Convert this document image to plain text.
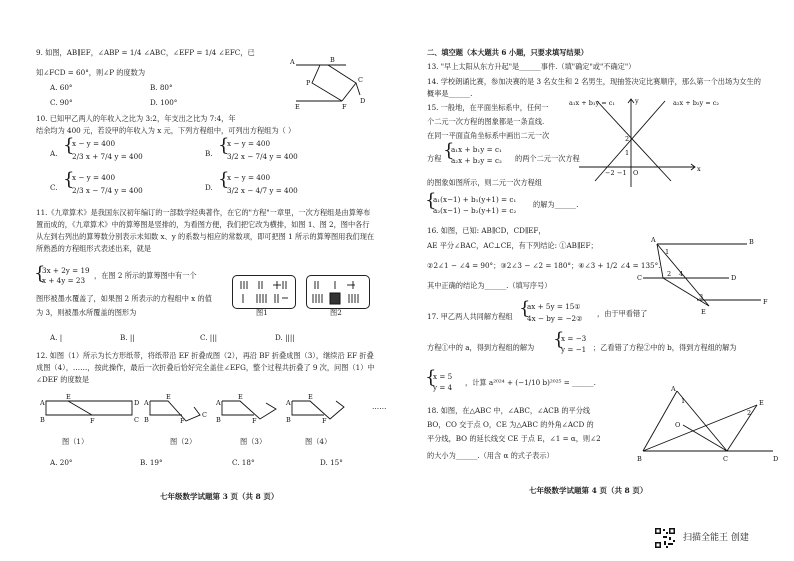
9. 如图，AB∥EF，∠ABP = 1/4 ∠ABC，∠EFP = 1/4 ∠EFC，已
知∠FCD = 60°，则∠P 的度数为
A. 60°	B. 80°
C. 90°	D. 100°
A	B
P	C
D
E	F
10. 已知甲乙两人的年收入之比为 3:2，年支出之比为 7:4，年
结余均为 400 元，若设甲的年收入为 x 元，下列方程组中，可列出方程组为（ ）
A. {
x − y = 400
2/3 x + 7/4 y = 400	B. {
x − y = 400
3/2 x − 7/4 y = 400
C. {
x − y = 400
2/3 x − 7/4 y = 400	D. {
x − y = 400
3/2 x − 4/7 y = 400
11.《九章算术》是我国东汉初年编订的一部数学经典著作，在它的"方程"一章里，一次方程组是由算筹布置而成的，《九章算术》中的算筹图是竖排的，为看图方便，我们把它改为横排，如图 1、图 2，图中各行从左到右列出的算筹数分别表示未知数 x、y 的系数与相应的常数项，即可把图 1 所示的算筹图用我们现在所熟悉的方程组形式表述出来，就是
{
3x + 2y = 19
x + 4y = 23
，在图 2 所示的算筹图中有一个
图形被墨水覆盖了，如果图 2 所表示的方程组中 x 的值为 3，则被墨水所覆盖的图形为
A. |	B. ||	C. |||	D. ||||
图1	图2
12. 如图（1）所示为长方形纸带，将纸带沿 EF 折叠成图（2），再沿 BF 折叠成图（3），继续沿 EF 折叠成图（4），……，按此操作，最后一次折叠后恰好完全盖住∠EFG，整个过程共折叠了 9 次，问图（1）中∠DEF 的度数是
A
E
D
B	F	C
A
E
B	F
C
A
E
B	F
A
E
B	F
……
图（1）	图（2）	图（3）	图（4）
A. 20°	B. 19°	C. 18°	D. 15°
七年级数学试题第 3 页（共 8 页）
二、填空题（本大题共 6 小题，只要求填写结果）
13. "早上太阳从东方升起"是______事件.（填"确定"或"不确定"）
14. 学校朗诵比赛，参加决赛的是 3 名女生和 2 名男生，现抽签决定比赛顺序，那么第一个出场为女生的概率是______.
15. 一般地，在平面坐标系中，任何一
个二元一次方程的图象都是一条直线.
在同一平面直角坐标系中画出二元一次
方程 {
a₁x + b₁y = c₁
a₂x + b₂y = c₂ 的两个二元一次方程
的图象如图所示，则二元一次方程组
{
a₁(x−1) + b₁(y+1) = c₁
a₂(x−1) − b₂(y+1) = c₂
的解为______.
a₁x + b₁y = c₁	a₂x + b₂y = c₂
2
1
O	x
y
−2 −1
16. 如图，已知: AB∥CD，CD∥EF，
AE 平分∠BAC，AC⊥CE，有下列结论: ①AB∥EF；
②2∠1 − ∠4 = 90°；③2∠3 − ∠2 = 180°；④∠3 + 1/2 ∠4 = 135°.
其中正确的结论为______.（填写序号）
A	B
C	D
E
F
1
2
3
4
17. 甲乙两人共同解方程组 {
ax + 5y = 15①
4x − by = −2②
，由于甲看错了
方程①中的 a，得到方程组的解为 {
x = −3
y = −1 ；乙看错了方程②中的 b，得到方程组的解为
{
x = 5
y = 4
，计算 a²⁰²⁴ + (−1/10 b)²⁰²⁵ = ______.
18. 如图，在△ABC 中，∠ABC，∠ACB 的平分线
BO，CO 交于点 O，CE 为△ABC 的外角∠ACD 的
平分线，BO 的延长线交 CE 于点 E，∠1 = α，则∠2
的大小为______.（用含 α 的式子表示）
A
B	C	D
E
O
1
2
七年级数学试题第 4 页（共 8 页）
扫描全能王 创建
